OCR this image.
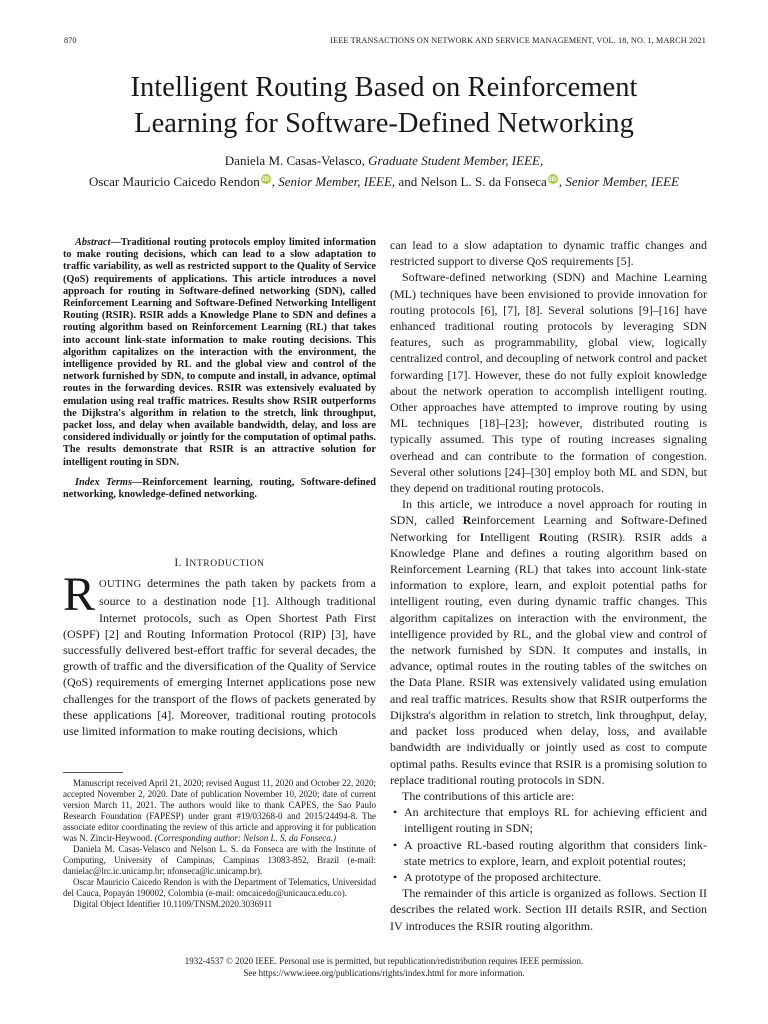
870	IEEE TRANSACTIONS ON NETWORK AND SERVICE MANAGEMENT, VOL. 18, NO. 1, MARCH 2021
Intelligent Routing Based on Reinforcement
Learning for Software-Defined Networking
Daniela M. Casas-Velasco, Graduate Student Member, IEEE,
Oscar Mauricio Caicedo Rendon iD , Senior Member, IEEE, and Nelson L. S. da Fonseca iD , Senior Member, IEEE

Abstract—Traditional routing protocols employ limited information to make routing decisions, which can lead to a slow adaptation to traffic variability, as well as restricted support to the Quality of Service (QoS) requirements of applications. This article introduces a novel approach for routing in Software-defined networking (SDN), called Reinforcement Learning and Software-Defined Networking Intelligent Routing (RSIR). RSIR adds a Knowledge Plane to SDN and defines a routing algorithm based on Reinforcement Learning (RL) that takes into account link-state information to make routing decisions. This algorithm capitalizes on the interaction with the environment, the intelligence provided by RL and the global view and control of the network furnished by SDN, to compute and install, in advance, optimal routes in the forwarding devices. RSIR was extensively evaluated by emulation using real traffic matrices. Results show RSIR outperforms the Dijkstra's algorithm in relation to the stretch, link throughput, packet loss, and delay when available bandwidth, delay, and loss are considered individually or jointly for the computation of optimal paths. The results demonstrate that RSIR is an attractive solution for intelligent routing in SDN.

Index Terms—Reinforcement learning, routing, Software-defined networking, knowledge-defined networking.
I. INTRODUCTION

ROUTING determines the path taken by packets from a source to a destination node [1]. Although traditional Internet protocols, such as Open Shortest Path First (OSPF) [2] and Routing Information Protocol (RIP) [3], have successfully delivered best-effort traffic for several decades, the growth of traffic and the diversification of the Quality of Service (QoS) requirements of emerging Internet applications pose new challenges for the transport of the flows of packets generated by these applications [4]. Moreover, traditional routing protocols use limited information to make routing decisions, which

Manuscript received April 21, 2020; revised August 11, 2020 and October 22, 2020; accepted November 2, 2020. Date of publication November 10, 2020; date of current version March 11, 2021. The authors would like to thank CAPES, the Sao Paulo Research Foundation (FAPESP) under grant #19/03268-0 and 2015/24494-8. The associate editor coordinating the review of this article and approving it for publication was N. Zincir-Heywood. (Corresponding author: Nelson L. S. da Fonseca.)

Daniela M. Casas-Velasco and Nelson L. S. da Fonseca are with the Institute of Computing, University of Campinas, Campinas 13083-852, Brazil (e-mail: danielac@lrc.ic.unicamp.br; nfonseca@ic.unicamp.br).

Oscar Mauricio Caicedo Rendon is with the Department of Telematics, Universidad del Cauca, Popayán 190002, Colombia (e-mail: omcaicedo@unicauca.edu.co).

Digital Object Identifier 10.1109/TNSM.2020.3036911

can lead to a slow adaptation to dynamic traffic changes and restricted support to diverse QoS requirements [5].

Software-defined networking (SDN) and Machine Learning (ML) techniques have been envisioned to provide innovation for routing protocols [6], [7], [8]. Several solutions [9]–[16] have enhanced traditional routing protocols by leveraging SDN features, such as programmability, global view, logically centralized control, and decoupling of network control and packet forwarding [17]. However, these do not fully exploit knowledge about the network operation to accomplish intelligent routing. Other approaches have attempted to improve routing by using ML techniques [18]–[23]; however, distributed routing is typically assumed. This type of routing increases signaling overhead and can contribute to the formation of congestion. Several other solutions [24]–[30] employ both ML and SDN, but they depend on traditional routing protocols.

In this article, we introduce a novel approach for routing in SDN, called Reinforcement Learning and Software-Defined Networking for Intelligent Routing (RSIR). RSIR adds a Knowledge Plane and defines a routing algorithm based on Reinforcement Learning (RL) that takes into account link-state information to explore, learn, and exploit potential paths for intelligent routing, even during dynamic traffic changes. This algorithm capitalizes on interaction with the environment, the intelligence provided by RL, and the global view and control of the network furnished by SDN. It computes and installs, in advance, optimal routes in the routing tables of the switches on the Data Plane. RSIR was extensively validated using emulation and real traffic matrices. Results show that RSIR outperforms the Dijkstra's algorithm in relation to stretch, link throughput, delay, and packet loss produced when delay, loss, and available bandwidth are individually or jointly used as cost to compute optimal paths. Results evince that RSIR is a promising solution to replace traditional routing protocols in SDN.

The contributions of this article are:

• An architecture that employs RL for achieving efficient and intelligent routing in SDN;
• A proactive RL-based routing algorithm that considers link-state metrics to explore, learn, and exploit potential routes;
• A prototype of the proposed architecture.

The remainder of this article is organized as follows. Section II describes the related work. Section III details RSIR, and Section IV introduces the RSIR routing algorithm.

1932-4537 © 2020 IEEE. Personal use is permitted, but republication/redistribution requires IEEE permission.
See https://www.ieee.org/publications/rights/index.html for more information.
